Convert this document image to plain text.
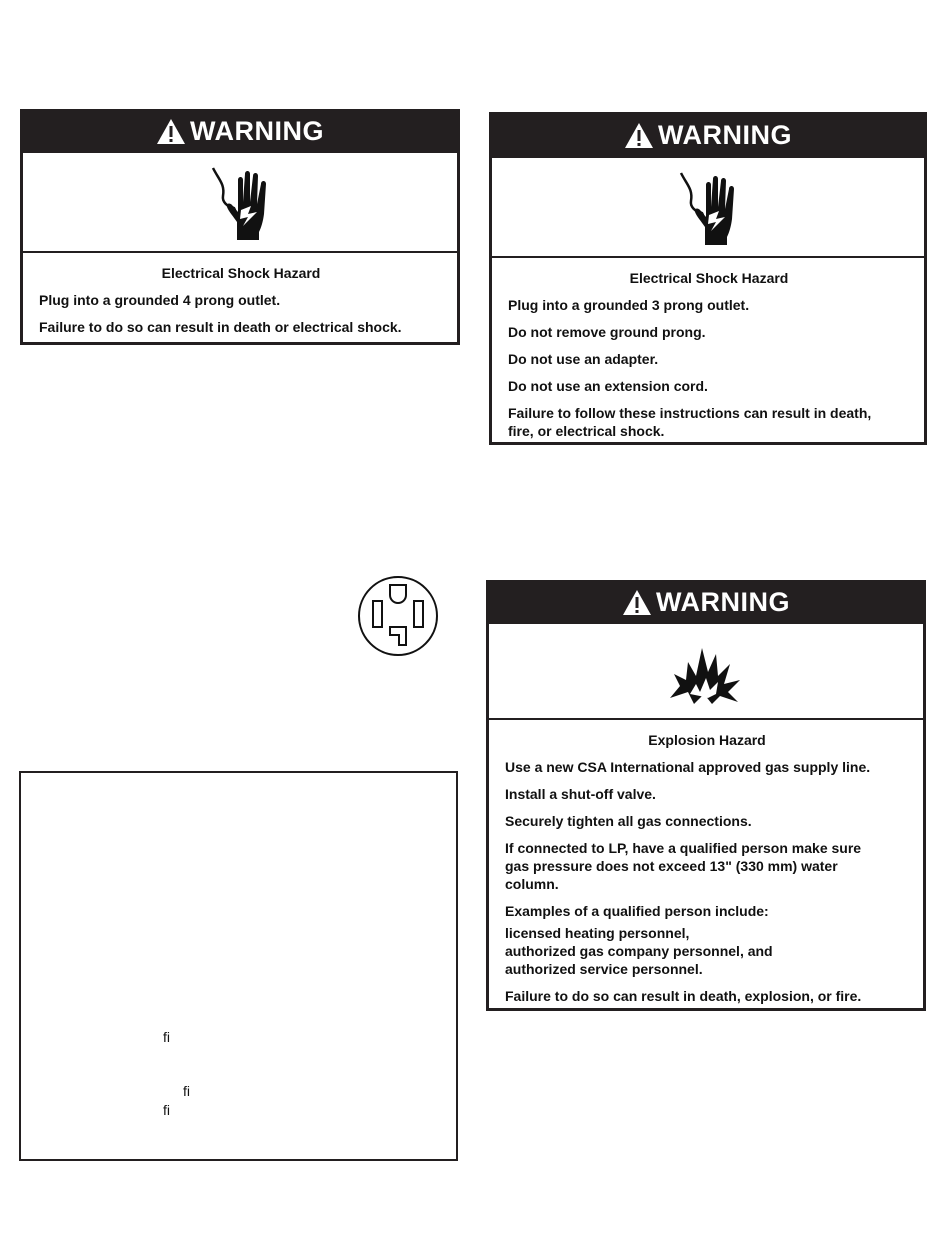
WARNING
Electrical Shock Hazard
Plug into a grounded 4 prong outlet.
Failure to do so can result in death or electrical shock.
WARNING
Electrical Shock Hazard
Plug into a grounded 3 prong outlet.
Do not remove ground prong.
Do not use an adapter.
Do not use an extension cord.
Failure to follow these instructions can result in death,
fire, or electrical shock.
WARNING
Explosion Hazard
Use a new CSA International approved gas supply line.
Install a shut-off valve.
Securely tighten all gas connections.
If connected to LP, have a qualified person make sure
gas pressure does not exceed 13" (330 mm) water
column.
Examples of a qualified person include:
licensed heating personnel,
authorized gas company personnel, and
authorized service personnel.
Failure to do so can result in death, explosion, or fire.
ﬁ
ﬁ
ﬁ
